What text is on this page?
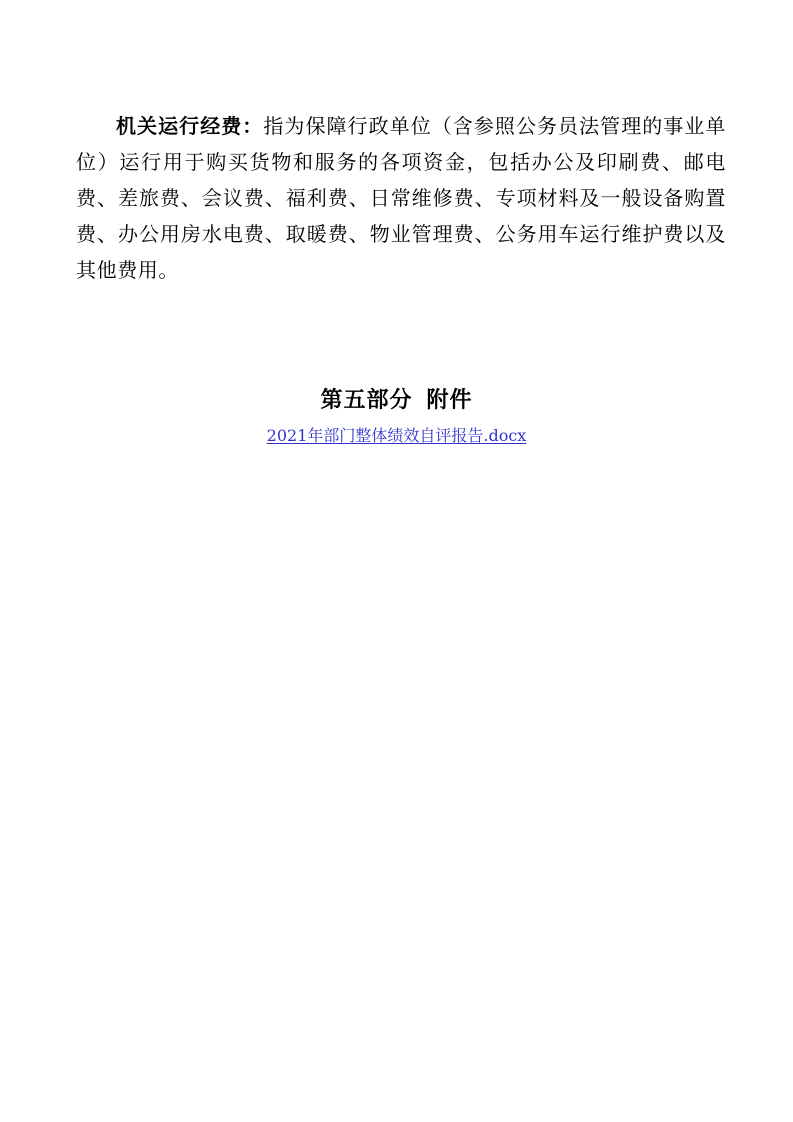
机关运行经费：指为保障行政单位（含参照公务员法管理的事业单位）运行用于购买货物和服务的各项资金，包括办公及印刷费、邮电费、差旅费、会议费、福利费、日常维修费、专项材料及一般设备购置费、办公用房水电费、取暖费、物业管理费、公务用车运行维护费以及其他费用。

第五部分 附件
2021年部门整体绩效自评报告.docx
